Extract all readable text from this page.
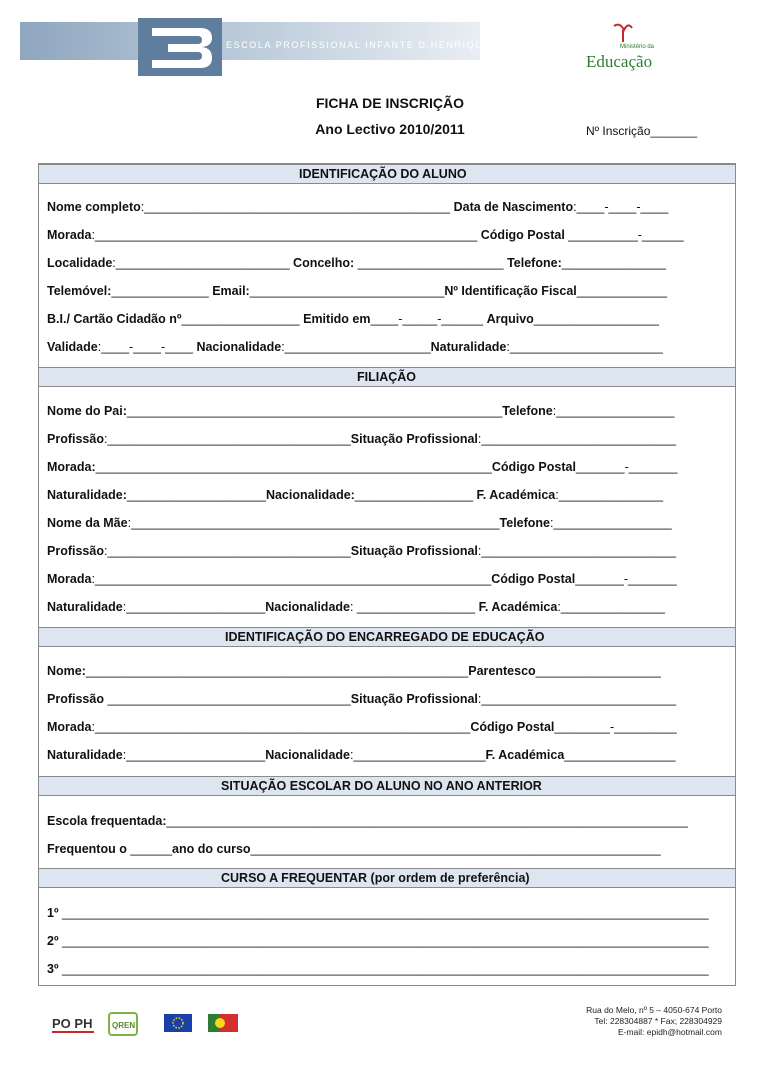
ESCOLA PROFISSIONAL INFANTE D.HENRIQUE	Ministério da
Educação
FICHA DE INSCRIÇÃO
Ano Lectivo 2010/2011	Nº Inscrição_______
IDENTIFICAÇÃO DO ALUNO
Nome completo:____________________________________________ Data de Nascimento:____-____-____
Morada:_______________________________________________________ Código Postal __________-______
Localidade:_________________________ Concelho: _____________________ Telefone:_______________
Telemóvel:______________ Email:____________________________Nº Identificação Fiscal_____________
B.I./ Cartão Cidadão nº_________________ Emitido em____-_____-______ Arquivo__________________
Validade:____-____-____ Nacionalidade:_____________________Naturalidade:______________________
FILIAÇÃO
Nome do Pai:______________________________________________________Telefone:_________________
Profissão:___________________________________Situação Profissional:____________________________
Morada:_________________________________________________________Código Postal_______-_______
Naturalidade:____________________Nacionalidade:_________________ F. Académica:_______________
Nome da Mãe:_____________________________________________________Telefone:_________________
Profissão:___________________________________Situação Profissional:____________________________
Morada:_________________________________________________________Código Postal_______-_______
Naturalidade:____________________Nacionalidade: _________________ F. Académica:_______________
IDENTIFICAÇÃO DO ENCARREGADO DE EDUCAÇÃO
Nome:_______________________________________________________Parentesco__________________
Profissão ___________________________________Situação Profissional:____________________________
Morada:______________________________________________________Código Postal________-_________
Naturalidade:____________________Nacionalidade:___________________F. Académica________________
SITUAÇÃO ESCOLAR DO ALUNO NO ANO ANTERIOR
Escola frequentada:___________________________________________________________________________
Frequentou o ______ano do curso___________________________________________________________
CURSO A FREQUENTAR (por ordem de preferência)
1º _____________________________________________________________________________________________
2º _____________________________________________________________________________________________
3º _____________________________________________________________________________________________
PO PH QREN
Rua do Melo, nº 5 – 4050-674 Porto
Tel: 228304887 * Fax; 228304929
E-mail: epidh@hotmail.com
